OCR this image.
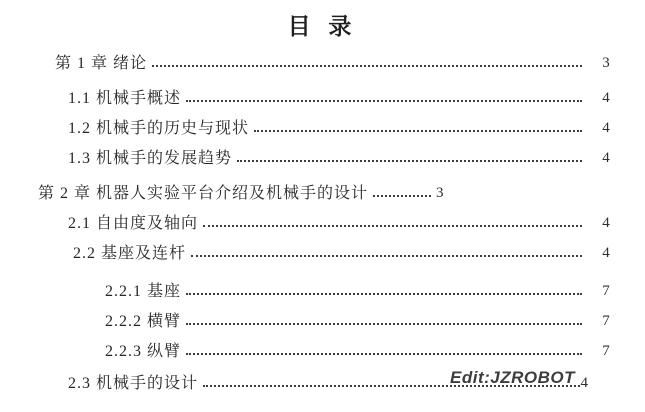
目 录
第 1 章 绪论	3
1.1 机械手概述	4
1.2 机械手的历史与现状	4
1.3 机械手的发展趋势	4
第 2 章 机器人实验平台介绍及机械手的设计	3
2.1 自由度及轴向	4
2.2 基座及连杆	4
2.2.1 基座	7
2.2.2 横臂	7
2.2.3 纵臂	7
2.3 机械手的设计	4
Edit:JZROBOT
